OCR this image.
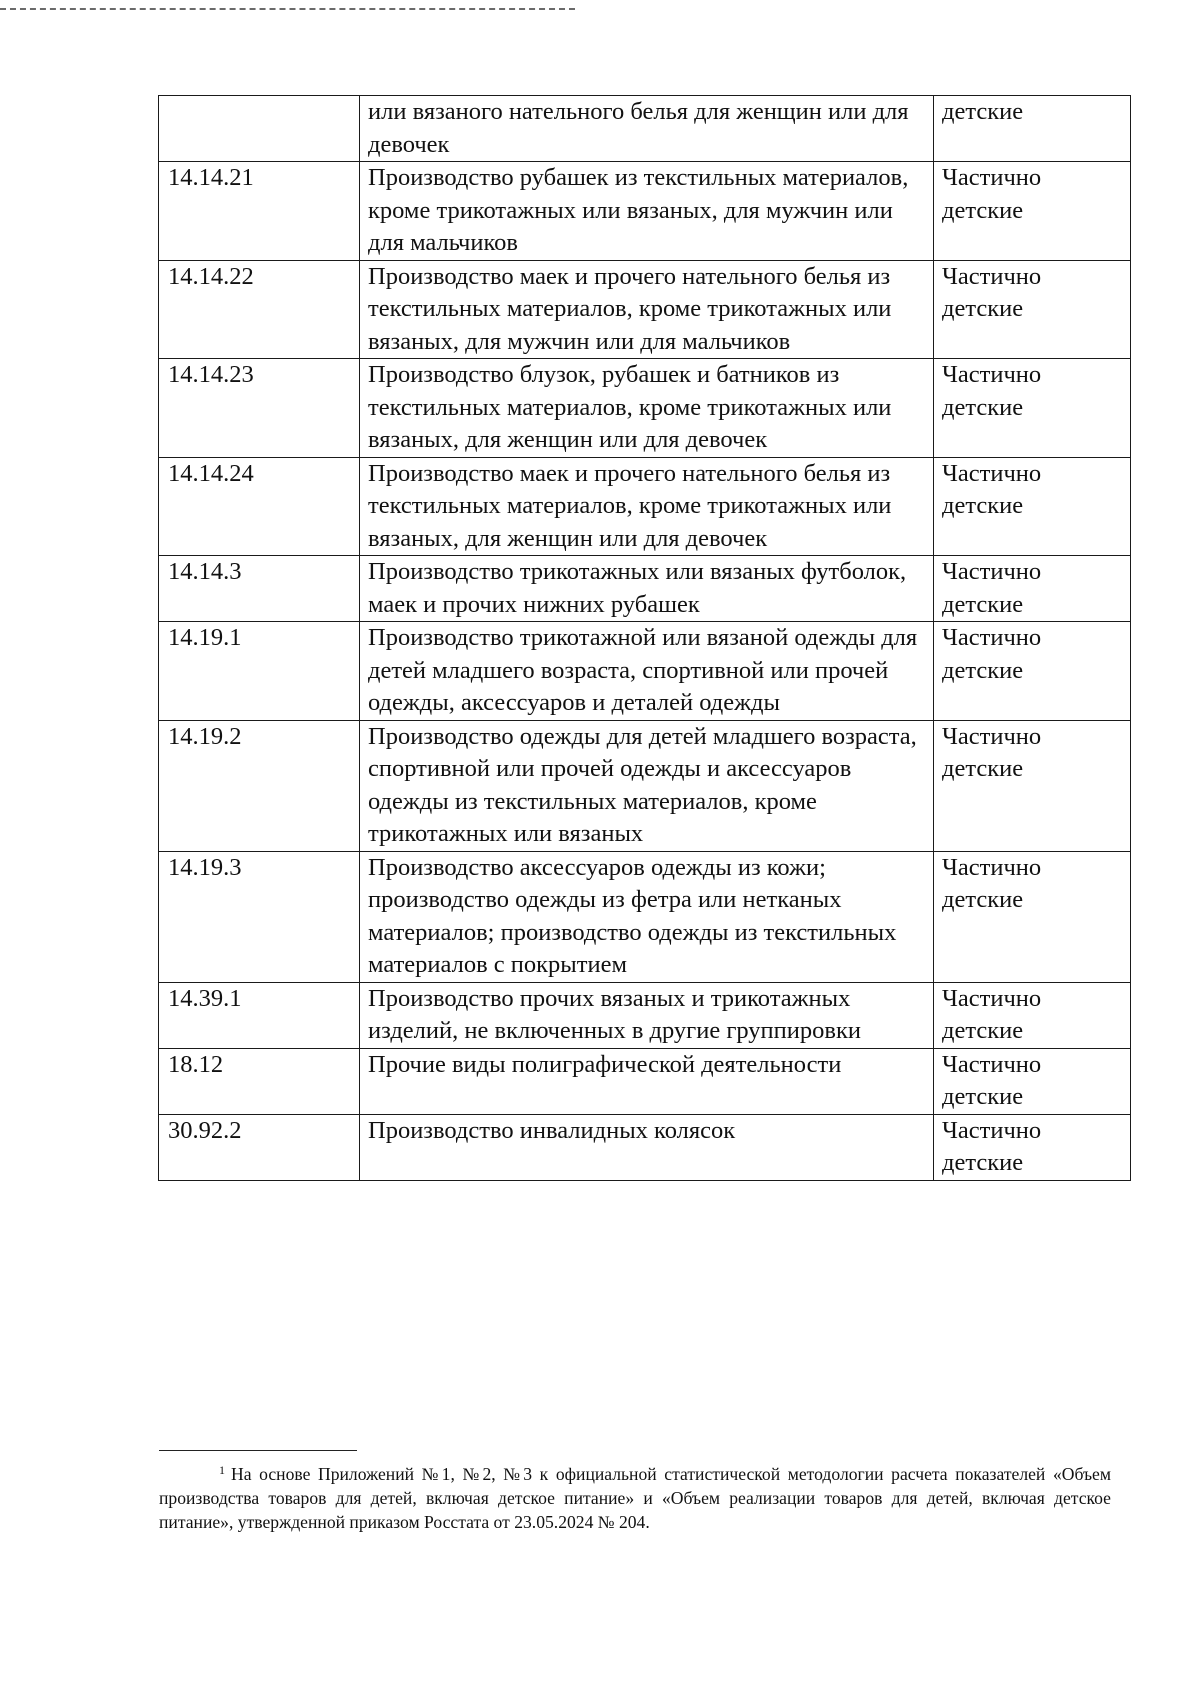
	или вязаного нательного белья для женщин или для девочек	детские
14.14.21	Производство рубашек из текстильных материалов, кроме трикотажных или вязаных, для мужчин или для мальчиков	Частично детские
14.14.22	Производство маек и прочего нательного белья из текстильных материалов, кроме трикотажных или вязаных, для мужчин или для мальчиков	Частично детские
14.14.23	Производство блузок, рубашек и батников из текстильных материалов, кроме трикотажных или вязаных, для женщин или для девочек	Частично детские
14.14.24	Производство маек и прочего нательного белья из текстильных материалов, кроме трикотажных или вязаных, для женщин или для девочек	Частично детские
14.14.3	Производство трикотажных или вязаных футболок, маек и прочих нижних рубашек	Частично детские
14.19.1	Производство трикотажной или вязаной одежды для детей младшего возраста, спортивной или прочей одежды, аксессуаров и деталей одежды	Частично детские
14.19.2	Производство одежды для детей младшего возраста, спортивной или прочей одежды и аксессуаров одежды из текстильных материалов, кроме трикотажных или вязаных	Частично детские
14.19.3	Производство аксессуаров одежды из кожи; производство одежды из фетра или нетканых материалов; производство одежды из текстильных материалов с покрытием	Частично детские
14.39.1	Производство прочих вязаных и трикотажных изделий, не включенных в другие группировки	Частично детские
18.12	Прочие виды полиграфической деятельности	Частично детские
30.92.2	Производство инвалидных колясок	Частично детские
$^1$ На основе Приложений №1, №2, №3 к официальной статистической методологии расчета показателей «Объем производства товаров для детей, включая детское питание» и «Объем реализации товаров для детей, включая детское питание», утвержденной приказом Росстата от 23.05.2024 № 204.
